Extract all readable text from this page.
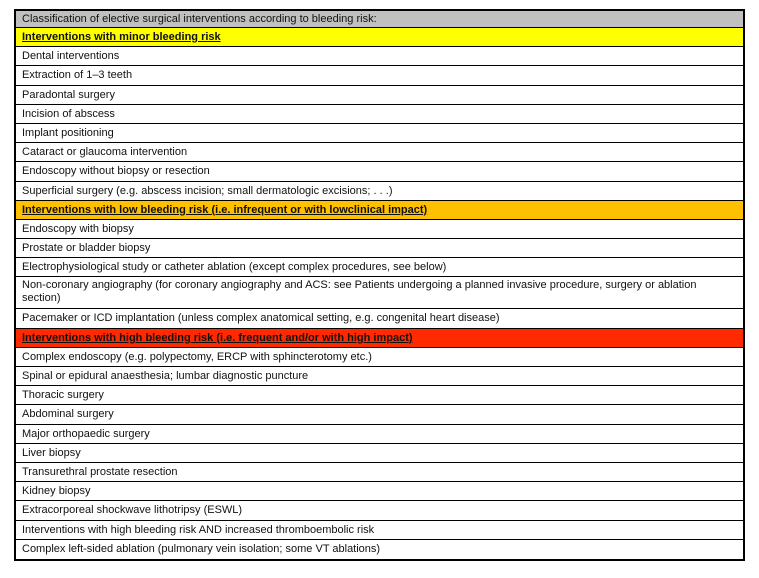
Classification of elective surgical interventions according to bleeding risk:
Interventions with minor bleeding risk
Dental interventions
Extraction of 1–3 teeth
Paradontal surgery
Incision of abscess
Implant positioning
Cataract or glaucoma intervention
Endoscopy without biopsy or resection
Superficial surgery (e.g. abscess incision; small dermatologic excisions; . . .)
Interventions with low bleeding risk (i.e. infrequent or with lowclinical impact)
Endoscopy with biopsy
Prostate or bladder biopsy
Electrophysiological study or catheter ablation (except complex procedures, see below)
Non-coronary angiography (for coronary angiography and ACS: see Patients undergoing a planned invasive procedure, surgery or ablation section)
Pacemaker or ICD implantation (unless complex anatomical setting, e.g. congenital heart disease)
Interventions with high bleeding risk (i.e. frequent and/or with high impact)
Complex endoscopy (e.g. polypectomy, ERCP with sphincterotomy etc.)
Spinal or epidural anaesthesia; lumbar diagnostic puncture
Thoracic surgery
Abdominal surgery
Major orthopaedic surgery
Liver biopsy
Transurethral prostate resection
Kidney biopsy
Extracorporeal shockwave lithotripsy (ESWL)
Interventions with high bleeding risk AND increased thromboembolic risk
Complex left-sided ablation (pulmonary vein isolation; some VT ablations)
